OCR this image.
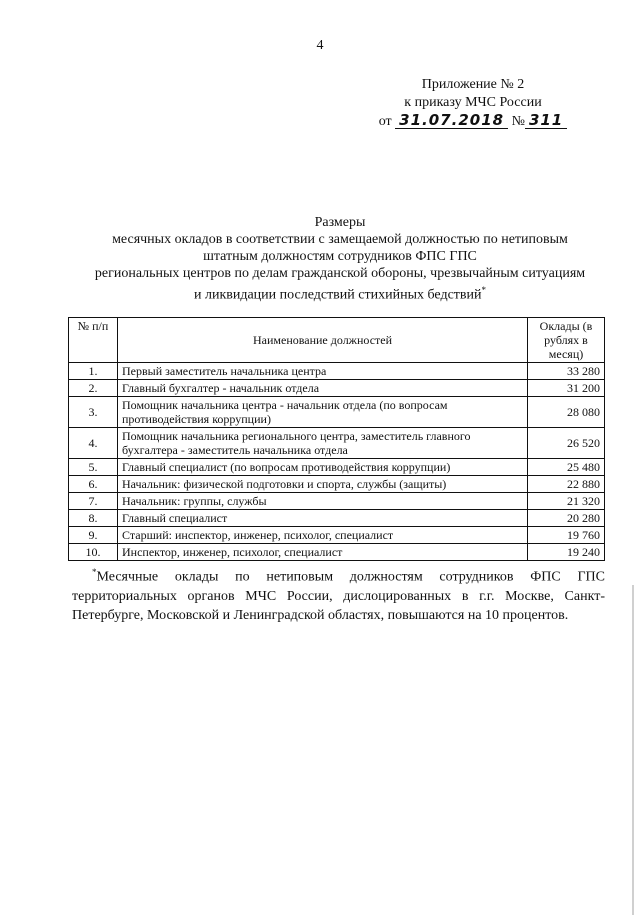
4
Приложение № 2
к приказу МЧС России
от 31.07.2018 № 311
Размеры
месячных окладов в соответствии с замещаемой должностью по нетиповым
штатным должностям сотрудников ФПС ГПС
региональных центров по делам гражданской обороны, чрезвычайным ситуациям
и ликвидации последствий стихийных бедствий*
№ п/п	Наименование должностей	Оклады (в рублях в месяц)
1.	Первый заместитель начальника центра	33 280
2.	Главный бухгалтер - начальник отдела	31 200
3.	Помощник начальника центра - начальник отдела (по вопросам противодействия коррупции)	28 080
4.	Помощник начальника регионального центра, заместитель главного бухгалтера - заместитель начальника отдела	26 520
5.	Главный специалист (по вопросам противодействия коррупции)	25 480
6.	Начальник: физической подготовки и спорта, службы (защиты)	22 880
7.	Начальник: группы, службы	21 320
8.	Главный специалист	20 280
9.	Старший: инспектор, инженер, психолог, специалист	19 760
10.	Инспектор, инженер, психолог, специалист	19 240
*Месячные оклады по нетиповым должностям сотрудников ФПС ГПС территориальных органов МЧС России, дислоцированных в г.г. Москве, Санкт-Петербурге, Московской и Ленинградской областях, повышаются на 10 процентов.
